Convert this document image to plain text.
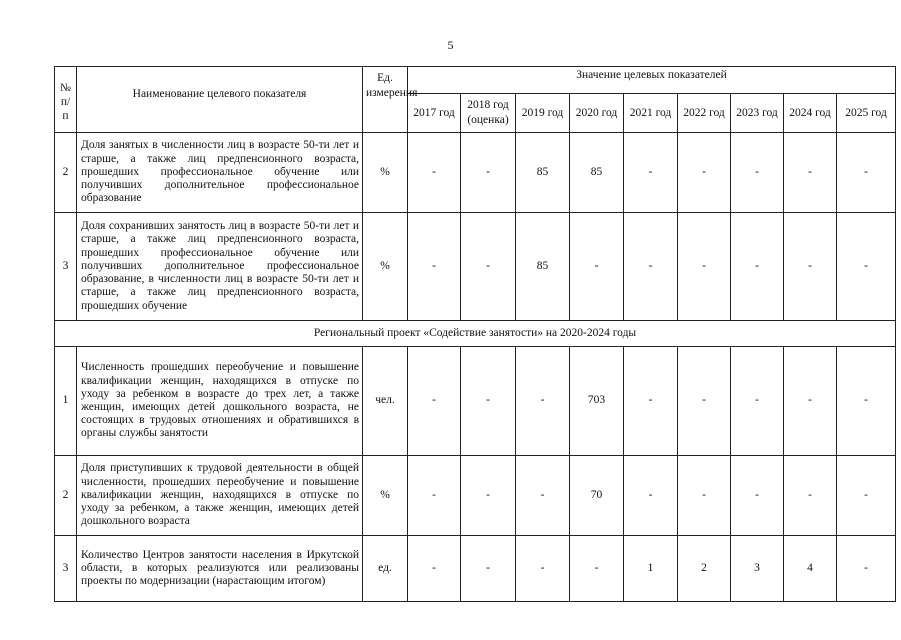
5
№ п/п	Наименование целевого показателя	Ед. измерения	Значение целевых показателей								
			2017 год	2018 год (оценка)	2019 год	2020 год	2021 год	2022 год	2023 год	2024 год	2025 год
2	Доля занятых в численности лиц в возрасте 50-ти лет и старше, а также лиц предпенсионного возраста, прошедших профессиональное обучение или получивших дополнительное профессиональное образование	%	-	-	85	85	-	-	-	-	-
3	Доля сохранивших занятость лиц в возрасте 50-ти лет и старше, а также лиц предпенсионного возраста, прошедших профессиональное обучение или получивших дополнительное профессиональное образование, в численности лиц в возрасте 50-ти лет и старше, а также лиц предпенсионного возраста, прошедших обучение	%	-	-	85	-	-	-	-	-	-
Региональный проект «Содействие занятости» на 2020-2024 годы											
1	Численность прошедших переобучение и повышение квалификации женщин, находящихся в отпуске по уходу за ребенком в возрасте до трех лет, а также женщин, имеющих детей дошкольного возраста, не состоящих в трудовых отношениях и обратившихся в органы службы занятости	чел.	-	-	-	703	-	-	-	-	-
2	Доля приступивших к трудовой деятельности в общей численности, прошедших переобучение и повышение квалификации женщин, находящихся в отпуске по уходу за ребенком, а также женщин, имеющих детей дошкольного возраста	%	-	-	-	70	-	-	-	-	-
3	Количество Центров занятости населения в Иркутской области, в которых реализуются или реализованы проекты по модернизации (нарастающим итогом)	ед.	-	-	-	-	1	2	3	4	-
